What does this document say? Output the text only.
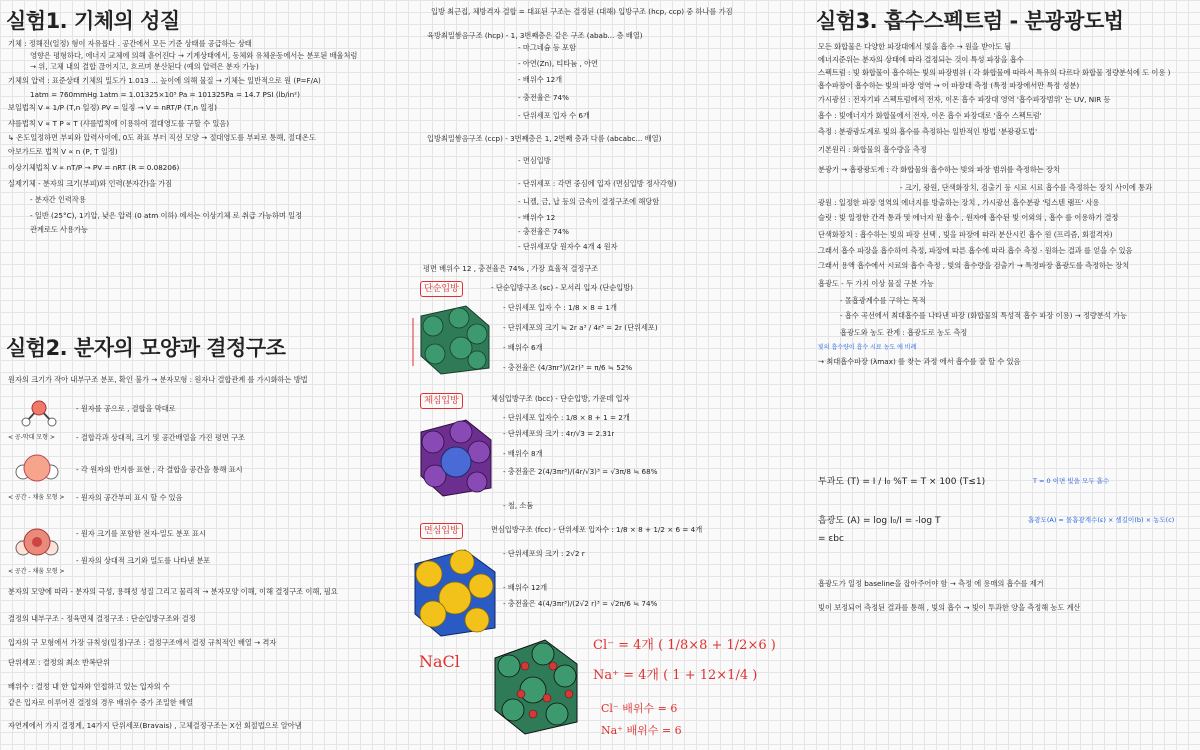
실험1. 기체의 성질
기체 : 정해진(일정) 형이 자유롭다 . 공간에서 모든 기준 상태를 공급하는 상태
영향은 평형하다, 에너지 교체에 의해 흩어진다 → 기계상태에서, 동체와 유체운동에서는 분포된 배율처럼
→ 위, 고체 내의 결합 끊어지고, 흐르며 분산된다 (예의 압력은 분자 가능)
기체의 압력 : 표준상태 기체의 밀도가 1.013 ... 높이에 의해 물질 → 기체는 일반적으로 원 (P=F/A)
1atm = 760mmHg 1atm = 1.01325×10⁵ Pa = 101325Pa = 14.7 PSI (lb/in²)
보일법칙 V ∝ 1/P (T,n 일정) PV = 일정 → V = nRT/P (T,n 일정)
샤를법칙 V ∝ T P ∝ T (샤를법칙에 이용하여 절대영도를 구할 수 있음)
↳ 온도일정하면 부피와 압력사이에, 0도 좌표 부터 직선 모양 → 절대영도를 부피로 통해, 절대온도
아보가드로 법칙 V ∝ n (P, T 일정)
이상기체법칙 V ∝ nT/P → PV = nRT (R = 0.08206)
실제기체 - 분자의 크기(부피)와 인력(분자간)을 가짐
- 분자간 인력작용
- 일반 (25°C), 1기압, 낮은 압력 (0 atm 이하) 에서는 이상기체 로 취급 가능하며 일정
관계로도 사용가능
실험2. 분자의 모양과 결정구조
원자의 크기가 작아 내부구조 분포, 확인 불가 → 분자모형 : 원자나 결합관계 를 가시화하는 방법
- 원자를 공으로 , 결합을 막대로
< 공-막대 모형 >	- 결합각과 상대적, 크기 및 공간배열을 가진 평면 구조
- 각 원자의 반지름 표현 , 각 결합을 공간을 통해 표시
< 공간 - 채움 모형 >	- 원자의 공간부피 표시 할 수 있음
- 원자 크기를 포함한 전자-밀도 분포 표시
- 원자의 상대적 크기와 밀도를 나타낸 분포
< 공간 - 채움 모형 >
분자의 모양에 따라 - 분자의 극성, 용해성 성질 그리고 물리적 → 분자모양 이해, 이해 결정구조 이해, 필요
결정의 내부구조 - 정육면체 결정구조 : 단순입방구조와 결정
입자의 구 모형에서 가장 규칙성(일정)구조 : 결정구조에서 결정 규칙적인 배열 → 격자
단위세포 : 결정의 최소 반복단위
배위수 : 결정 내 한 입자와 인접하고 있는 입자의 수
같은 입자로 이루어진 결정의 경우 배위수 증가 조밀한 배열
자연계에서 가지 결정계, 14가지 단위세포(Bravais) , 고체결정구조는 X선 회절법으로 알아냄
입방 최근접, 체방격자 결합 = 대표된 구조는 결정된 (대해) 입방구조 (hcp, ccp) 중 하나를 가짐
육방최밀쌓음구조 (hcp) - 1, 3번째층은 같은 구조 (abab... 층 배열)
- 마그네슘 등 포함
- 아연(Zn), 티타늄 , 아연
- 배위수 12개
- 충전율은 74%
- 단위세포 입자 수 6개
입방최밀쌓음구조 (ccp) - 3번째층은 1, 2번째 층과 다름 (abcabc... 배열)
- 면심입방
- 단위세포 : 각면 중심에 입자 (면심입방 정사각형)
- 니켈, 금, 납 등의 금속이 결정구조에 해당함
- 배위수 12
- 충전율은 74%
- 단위세포당 원자수 4개 4 원자
평면 배위수 12 , 충전율은 74% , 가장 효율적 결정구조
단순입방	- 단순입방구조 (sc) - 모서리 입자 (단순입방)
- 단위세포 입자 수 : 1/8 × 8 = 1개
- 단위세포의 크기 ≒ 2r a³ / 4r³ = 2r (단위세포)
- 배위수 6개
- 충전율은 (4/3πr³)/(2r)³ = π/6 ≒ 52%
체심입방	체심입방구조 (bcc) - 단순입방, 가운데 입자
- 단위세포 입자수 : 1/8 × 8 + 1 = 2개
- 단위세포의 크기 : 4r/√3 = 2.31r
- 배위수 8개
- 충전율은 2(4/3πr³)/(4r/√3)³ = √3π/8 ≒ 68%
- 철, 소듐
면심입방	면심입방구조 (fcc) - 단위세포 입자수 : 1/8 × 8 + 1/2 × 6 = 4개
- 단위세포의 크기 : 2√2 r
- 배위수 12개
- 충전율은 4(4/3πr³)/(2√2 r)³ = √2π/6 ≒ 74%
NaCl
Cl⁻ = 4개 ( 1/8×8 + 1/2×6 )
Na⁺ = 4개 ( 1 + 12×1/4 )
Cl⁻ 배위수 = 6
Na⁺ 배위수 = 6
실험3. 흡수스펙트럼 - 분광광도법
모든 화합물은 다양한 파장대에서 빛을 흡수 → 원을 받아도 됨
에너지준위는 분자의 상태에 따라 결정되는 것이 특성 파장을 흡수
스펙트럼 : 빛 화합물이 흡수하는 빛의 파장범위 ( 각 화합물에 따라서 특유의 다르다 화합물 정량분석에 도 이용 )
흡수파장이 흡수하는 빛의 파장 영역 → 이 파장대 측정 (특정 파장에서만 특정 성분)
가시광선 : 전자기파 스펙트럼에서 전자, 이온 흡수 파장대 영역 '흡수파장범위' 는 UV, NIR 등
흡수 : 빛에너지가 화합물에서 전자, 이온 흡수 파장대로 '흡수 스펙트럼'
측정 : 분광광도계로 빛의 흡수를 측정하는 일반적인 방법 '분광광도법'
기본원리 : 화합물의 흡수량을 측정
분광기 → 흡광광도계 : 각 화합물의 흡수하는 빛의 파장 범위를 측정하는 장치
- 크기, 광원, 단색화장치, 검출기 등 시료 시료 흡수를 측정하는 장치 사이에 통과
광원 : 일정한 파장 영역의 에너지를 방출하는 장치 , 가시광선 흡수분광 '텅스텐 램프' 사용
슬릿 : 빛 일정한 간격 통과 및 에너지 원 흡수 , 원자에 흡수된 빛 이외의 , 흡수 를 이용하기 결정
단색화장치 : 흡수하는 빛의 파장 선택 , 빛을 파장에 따라 분산시킨 흡수 원 (프리즘, 회절격자)
그래서 흡수 파장을 흡수하여 측정, 파장에 따른 흡수에 따라 흡수 측정 - 원하는 결과 를 얻을 수 있음
그래서 용액 흡수에서 시료의 흡수 측정 , 빛의 흡수량을 검출기 → 특정파장 흡광도를 측정하는 장치
흡광도 - 두 가지 이상 물질 구분 가능
- 몰흡광계수를 구하는 목적
- 흡수 곡선에서 최대흡수를 나타낸 파장 (화합물의 특성적 흡수 파장 이용) → 정량분석 가능
흡광도와 농도 관계 : 흡광도로 농도 측정
빛의 흡수량이 흡수 시료 농도 에 비례
→ 최대흡수파장 (λmax) 를 찾는 과정 에서 흡수를 잘 할 수 있음
투과도 (T) = I / I₀ %T = T × 100 (T≤1)	T = 0 이면 빛을 모두 흡수
흡광도 (A) = log I₀/I = -log T	흡광도(A) = 몰흡광계수(ε) × 셀길이(b) × 농도(c)
= εbc
흡광도가 일정 baseline을 잡아주어야 함 → 측정 에 용매의 흡수를 제거
빛이 보정되어 측정된 결과를 통해 , 빛의 흡수 → 빛이 투과한 양을 측정해 농도 계산
